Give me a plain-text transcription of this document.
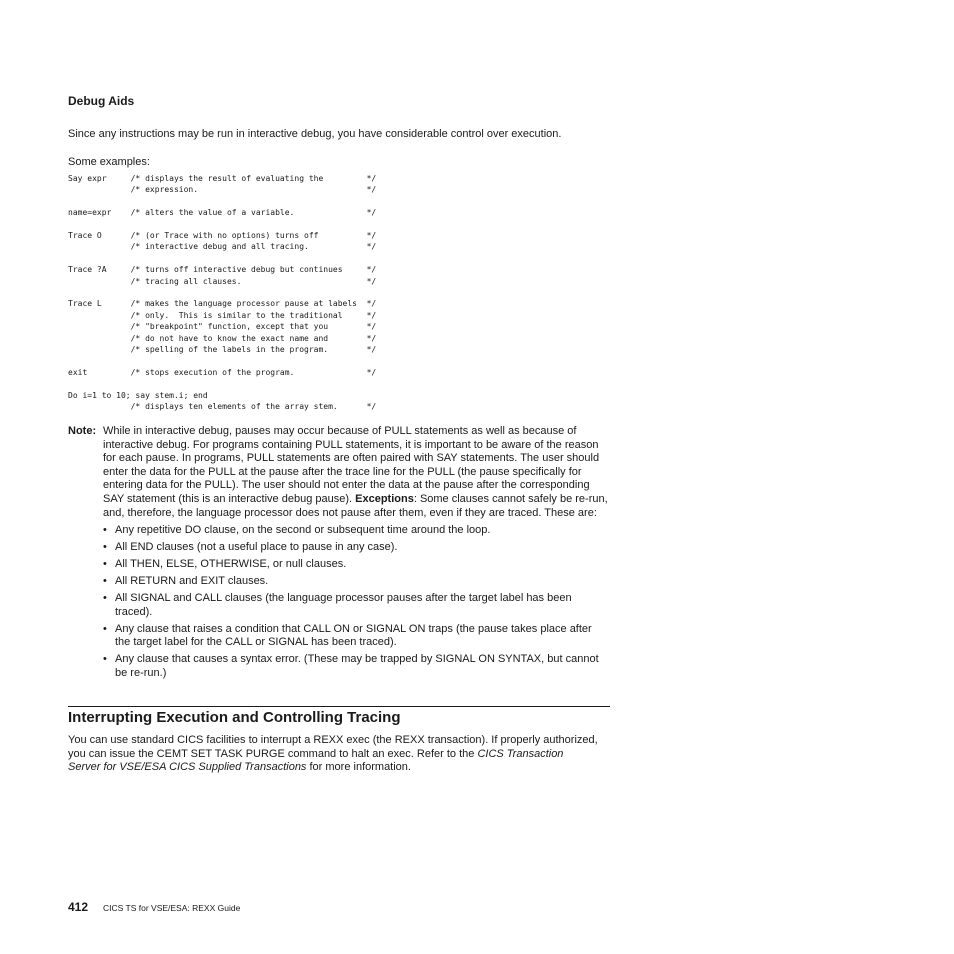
Debug Aids
Since any instructions may be run in interactive debug, you have considerable control over execution.
Some examples:
Say expr     /* displays the result of evaluating the         */
/* expression.                                   */

name=expr    /* alters the value of a variable.               */

Trace O      /* (or Trace with no options) turns off          */
/* interactive debug and all tracing.            */

Trace ?A     /* turns off interactive debug but continues     */
/* tracing all clauses.                          */

Trace L      /* makes the language processor pause at labels  */
/* only.  This is similar to the traditional     */
/* "breakpoint" function, except that you        */
/* do not have to know the exact name and        */
/* spelling of the labels in the program.        */

exit         /* stops execution of the program.               */

Do i=1 to 10; say stem.i; end
/* displays ten elements of the array stem.      */

Note: While in interactive debug, pauses may occur because of PULL statements as well as because of interactive debug. For programs containing PULL statements, it is important to be aware of the reason for each pause. In programs, PULL statements are often paired with SAY statements. The user should enter the data for the PULL at the pause after the trace line for the PULL (the pause specifically for entering data for the PULL). The user should not enter the data at the pause after the corresponding SAY statement (this is an interactive debug pause). Exceptions: Some clauses cannot safely be re-run, and, therefore, the language processor does not pause after them, even if they are traced. These are:
• Any repetitive DO clause, on the second or subsequent time around the loop.
• All END clauses (not a useful place to pause in any case).
• All THEN, ELSE, OTHERWISE, or null clauses.
• All RETURN and EXIT clauses.
• All SIGNAL and CALL clauses (the language processor pauses after the target label has been traced).
• Any clause that raises a condition that CALL ON or SIGNAL ON traps (the pause takes place after the target label for the CALL or SIGNAL has been traced).
• Any clause that causes a syntax error. (These may be trapped by SIGNAL ON SYNTAX, but cannot be re-run.)
Interrupting Execution and Controlling Tracing
You can use standard CICS facilities to interrupt a REXX exec (the REXX transaction). If properly authorized, you can issue the CEMT SET TASK PURGE command to halt an exec. Refer to the CICS Transaction Server for VSE/ESA CICS Supplied Transactions for more information.
412 CICS TS for VSE/ESA: REXX Guide
